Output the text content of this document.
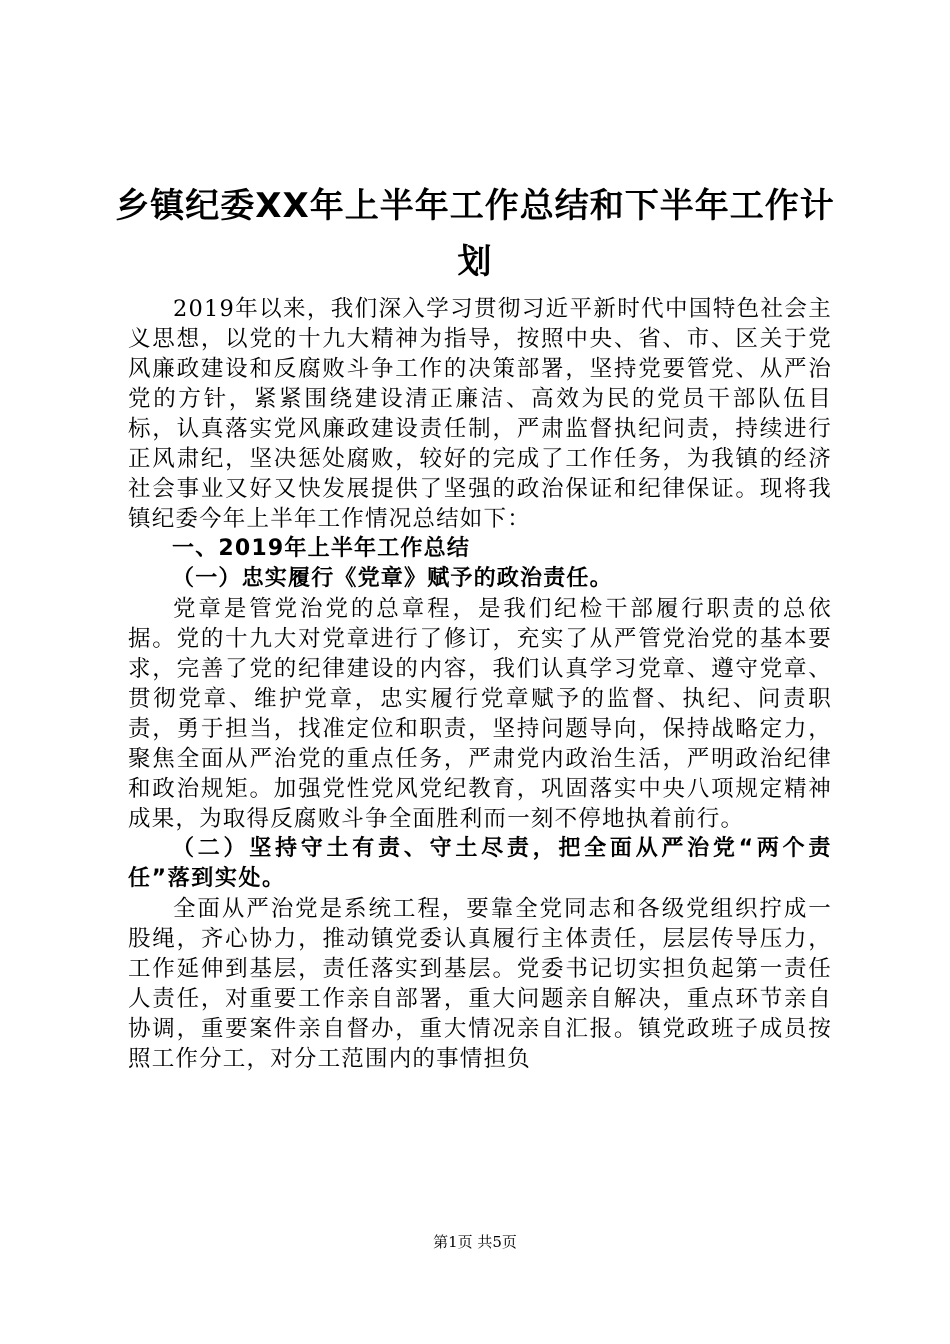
乡镇纪委XX年上半年工作总结和下半年工作计划

2019年以来，我们深入学习贯彻习近平新时代中国特色社会主义思想，以党的十九大精神为指导，按照中央、省、市、区关于党风廉政建设和反腐败斗争工作的决策部署，坚持党要管党、从严治党的方针，紧紧围绕建设清正廉洁、高效为民的党员干部队伍目标，认真落实党风廉政建设责任制，严肃监督执纪问责，持续进行正风肃纪，坚决惩处腐败，较好的完成了工作任务，为我镇的经济社会事业又好又快发展提供了坚强的政治保证和纪律保证。现将我镇纪委今年上半年工作情况总结如下：

一、2019年上半年工作总结

（一）忠实履行《党章》赋予的政治责任。

党章是管党治党的总章程，是我们纪检干部履行职责的总依据。党的十九大对党章进行了修订，充实了从严管党治党的基本要求，完善了党的纪律建设的内容，我们认真学习党章、遵守党章、贯彻党章、维护党章，忠实履行党章赋予的监督、执纪、问责职责，勇于担当，找准定位和职责，坚持问题导向，保持战略定力，聚焦全面从严治党的重点任务，严肃党内政治生活，严明政治纪律和政治规矩。加强党性党风党纪教育，巩固落实中央八项规定精神成果，为取得反腐败斗争全面胜利而一刻不停地执着前行。

（二）坚持守土有责、守土尽责，把全面从严治党“两个责任”落到实处。

全面从严治党是系统工程，要靠全党同志和各级党组织拧成一股绳，齐心协力，推动镇党委认真履行主体责任，层层传导压力，工作延伸到基层，责任落实到基层。党委书记切实担负起第一责任人责任，对重要工作亲自部署，重大问题亲自解决，重点环节亲自协调，重要案件亲自督办，重大情况亲自汇报。镇党政班子成员按照工作分工，对分工范围内的事情担负

第1页 共5页
